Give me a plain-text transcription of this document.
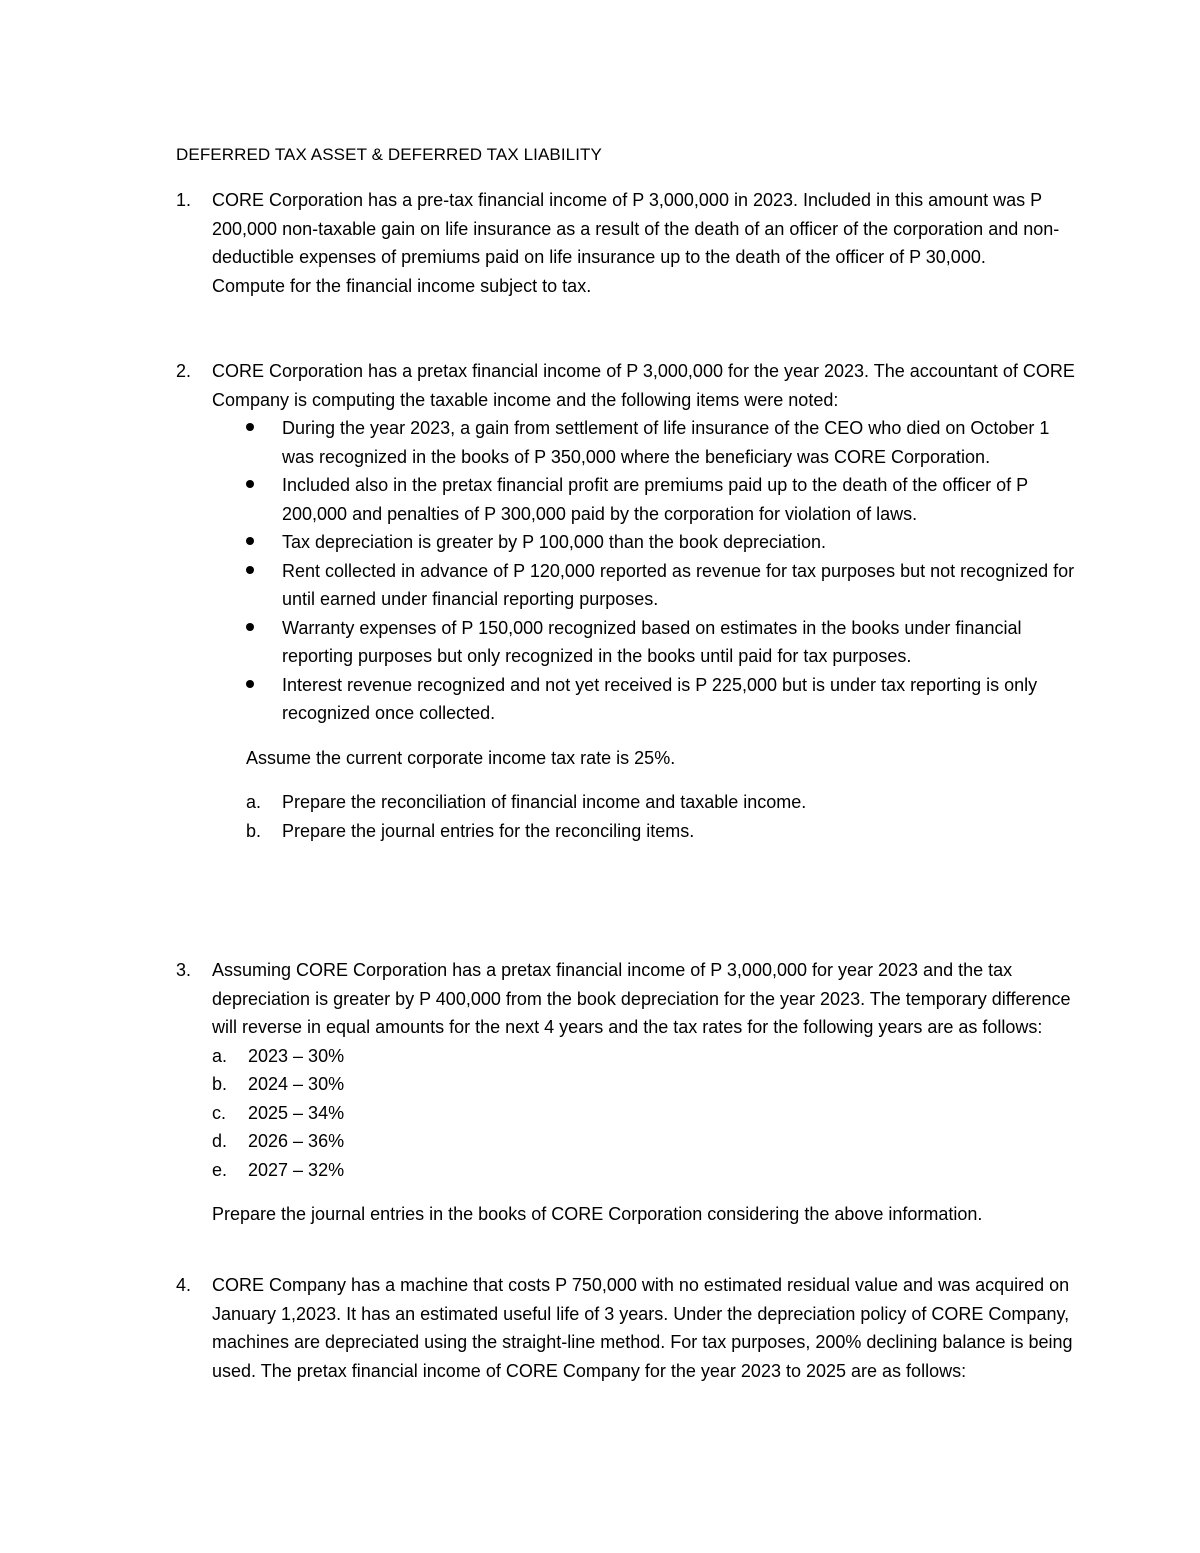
DEFERRED TAX ASSET & DEFERRED TAX LIABILITY
1.	CORE Corporation has a pre-tax financial income of P 3,000,000 in 2023. Included in this amount was P 200,000 non-taxable gain on life insurance as a result of the death of an officer of the corporation and non-deductible expenses of premiums paid on life insurance up to the death of the officer of P 30,000.

Compute for the financial income subject to tax.

2.	CORE Corporation has a pretax financial income of P 3,000,000 for the year 2023. The accountant of CORE Company is computing the taxable income and the following items were noted:

During the year 2023, a gain from settlement of life insurance of the CEO who died on October 1 was recognized in the books of P 350,000 where the beneficiary was CORE Corporation.
Included also in the pretax financial profit are premiums paid up to the death of the officer of P 200,000 and penalties of P 300,000 paid by the corporation for violation of laws.
Tax depreciation is greater by P 100,000 than the book depreciation.
Rent collected in advance of P 120,000 reported as revenue for tax purposes but not recognized for until earned under financial reporting purposes.
Warranty expenses of P 150,000 recognized based on estimates in the books under financial reporting purposes but only recognized in the books until paid for tax purposes.
Interest revenue recognized and not yet received is P 225,000 but is under tax reporting is only recognized once collected.

Assume the current corporate income tax rate is 25%.

a. Prepare the reconciliation of financial income and taxable income.
b. Prepare the journal entries for the reconciling items.
3.	Assuming CORE Corporation has a pretax financial income of P 3,000,000 for year 2023 and the tax depreciation is greater by P 400,000 from the book depreciation for the year 2023. The temporary difference will reverse in equal amounts for the next 4 years and the tax rates for the following years are as follows:

a. 2023 – 30%
b. 2024 – 30%
c. 2025 – 34%
d. 2026 – 36%
e. 2027 – 32%

Prepare the journal entries in the books of CORE Corporation considering the above information.

4.	CORE Company has a machine that costs P 750,000 with no estimated residual value and was acquired on January 1,2023. It has an estimated useful life of 3 years. Under the depreciation policy of CORE Company, machines are depreciated using the straight-line method. For tax purposes, 200% declining balance is being used. The pretax financial income of CORE Company for the year 2023 to 2025 are as follows:
